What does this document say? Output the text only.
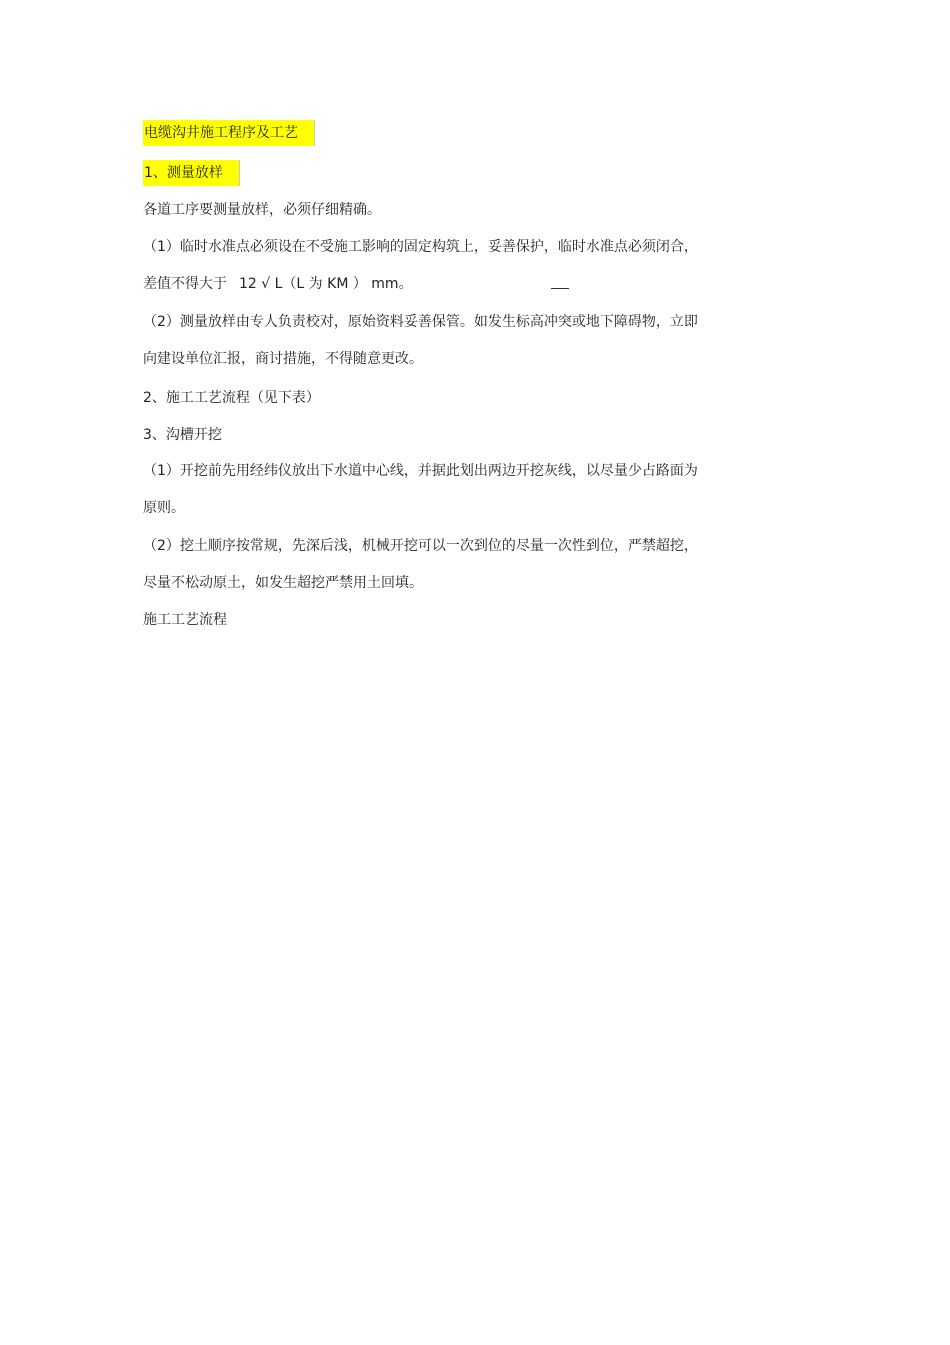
电缆沟井施工程序及工艺
1、测量放样
各道工序要测量放样，必须仔细精确。
（1）临时水准点必须设在不受施工影响的固定构筑上，妥善保护，临时水准点必须闭合，
差值不得大于 12 √ L（L 为 KM ） mm。
（2）测量放样由专人负责校对，原始资料妥善保管。如发生标高冲突或地下障碍物，立即
向建设单位汇报，商讨措施，不得随意更改。
2、施工工艺流程（见下表）
3、沟槽开挖
（1）开挖前先用经纬仪放出下水道中心线，并据此划出两边开挖灰线，以尽量少占路面为
原则。
（2）挖土顺序按常规，先深后浅，机械开挖可以一次到位的尽量一次性到位，严禁超挖，
尽量不松动原土，如发生超挖严禁用土回填。
施工工艺流程
